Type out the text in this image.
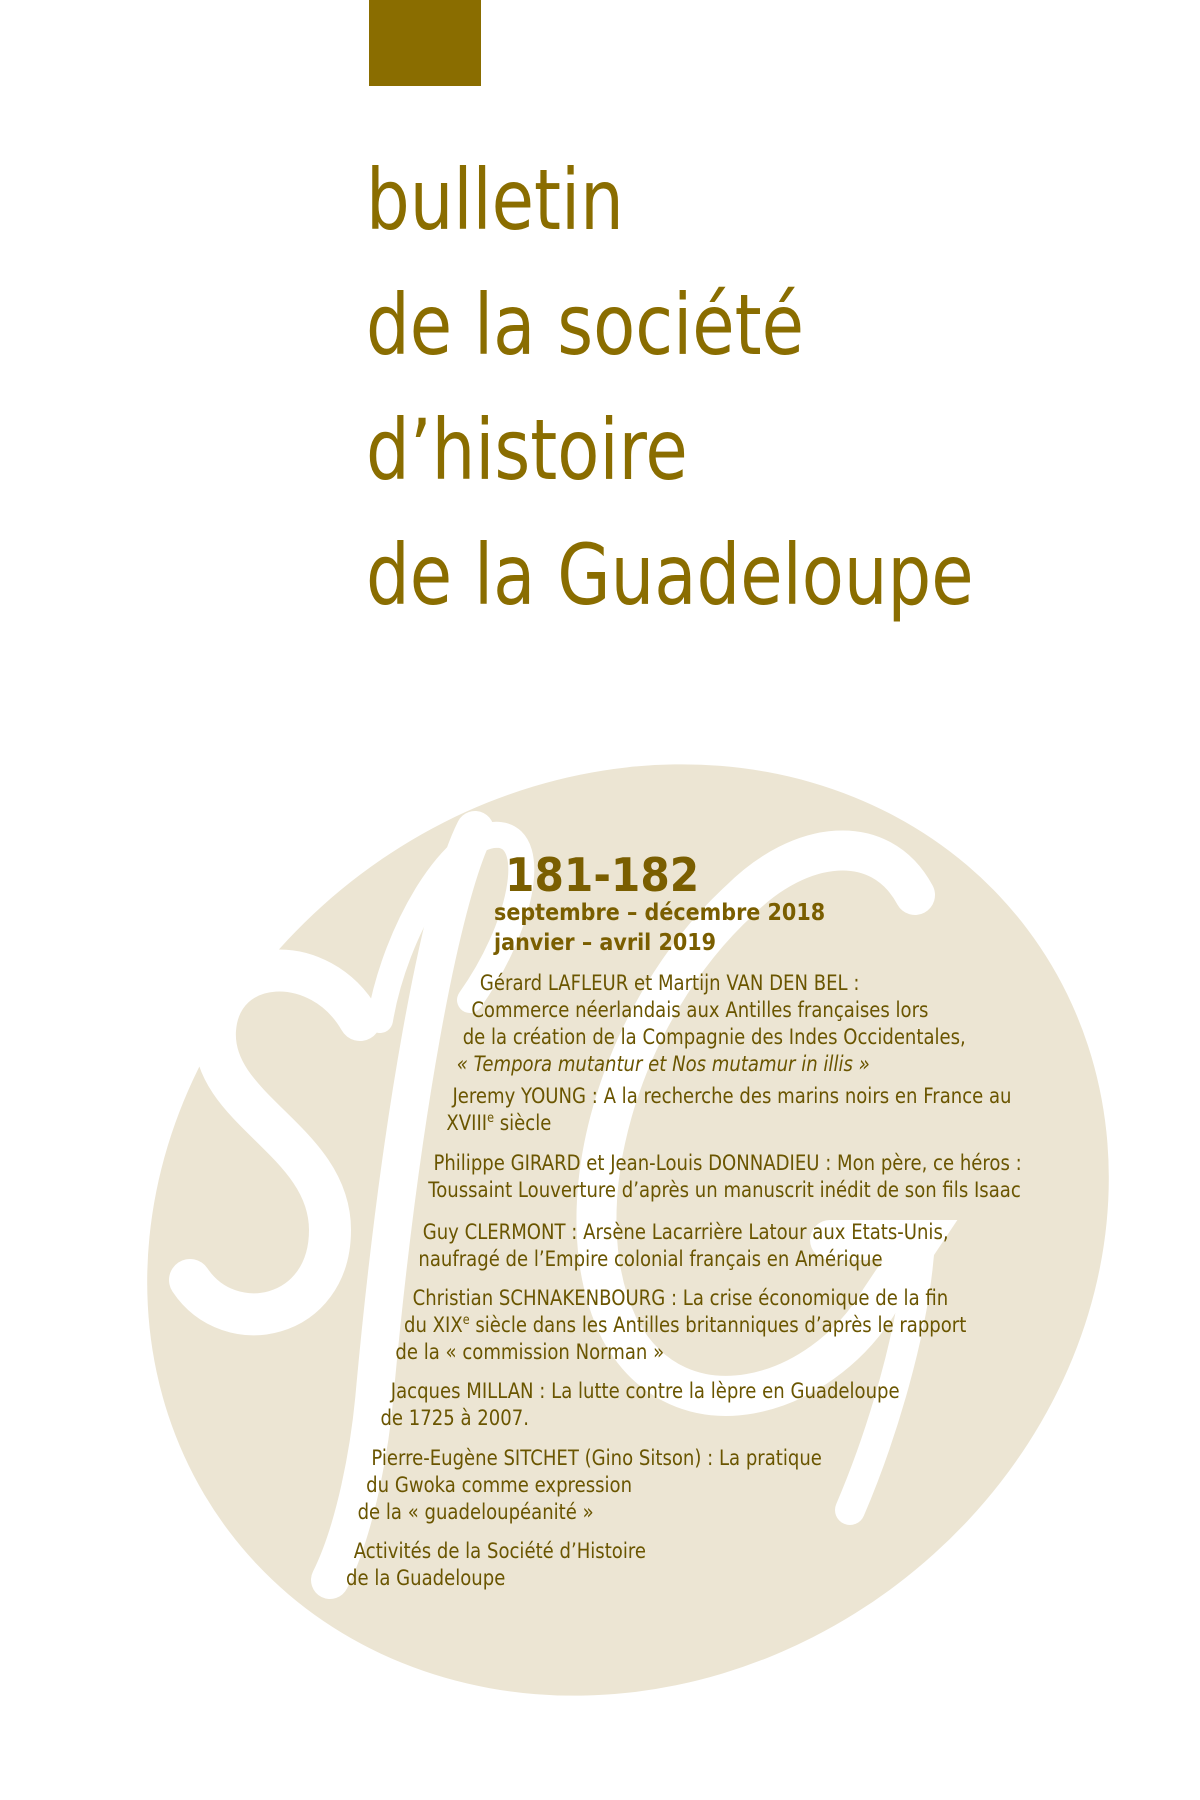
bulletin
de la société
d’histoire
de la Guadeloupe
181-182
septembre – décembre 2018
janvier – avril 2019
Gérard LAFLEUR et Martijn VAN DEN BEL :
Commerce néerlandais aux Antilles françaises lors
de la création de la Compagnie des Indes Occidentales,
« Tempora mutantur et Nos mutamur in illis »
Jeremy YOUNG : A la recherche des marins noirs en France au
XVIIIe siècle
Philippe GIRARD et Jean-Louis DONNADIEU : Mon père, ce héros :
Toussaint Louverture d’après un manuscrit inédit de son fils Isaac
Guy CLERMONT : Arsène Lacarrière Latour aux Etats-Unis,
naufragé de l’Empire colonial français en Amérique
Christian SCHNAKENBOURG : La crise économique de la fin
du XIXe siècle dans les Antilles britanniques d’après le rapport
de la « commission Norman »
Jacques MILLAN : La lutte contre la lèpre en Guadeloupe
de 1725 à 2007.
Pierre-Eugène SITCHET (Gino Sitson) : La pratique
du Gwoka comme expression
de la « guadeloupéanité »
Activités de la Société d’Histoire
de la Guadeloupe
